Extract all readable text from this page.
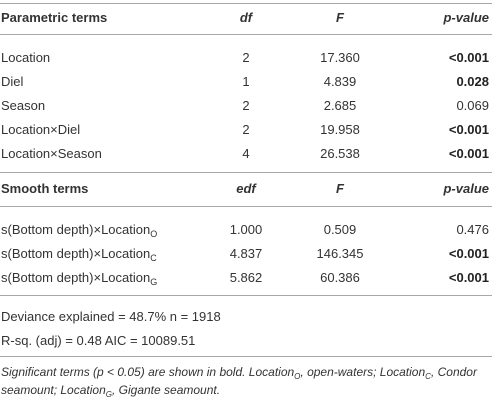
Parametric terms	df	F	p-value
Location	2	17.360	<0.001
Diel	1	4.839	0.028
Season	2	2.685	0.069
Location×Diel	2	19.958	<0.001
Location×Season	4	26.538	<0.001
Smooth terms	edf	F	p-value
s(Bottom depth)×Location$_O$	1.000	0.509	0.476
s(Bottom depth)×Location$_C$	4.837	146.345	<0.001
s(Bottom depth)×Location$_G$	5.862	60.386	<0.001
Deviance explained = 48.7% n = 1918
R-sq. (adj) = 0.48 AIC = 10089.51
Significant terms (p < 0.05) are shown in bold. Location$_O$, open-waters; Location$_C$, Condor seamount; Location$_G$, Gigante seamount.
